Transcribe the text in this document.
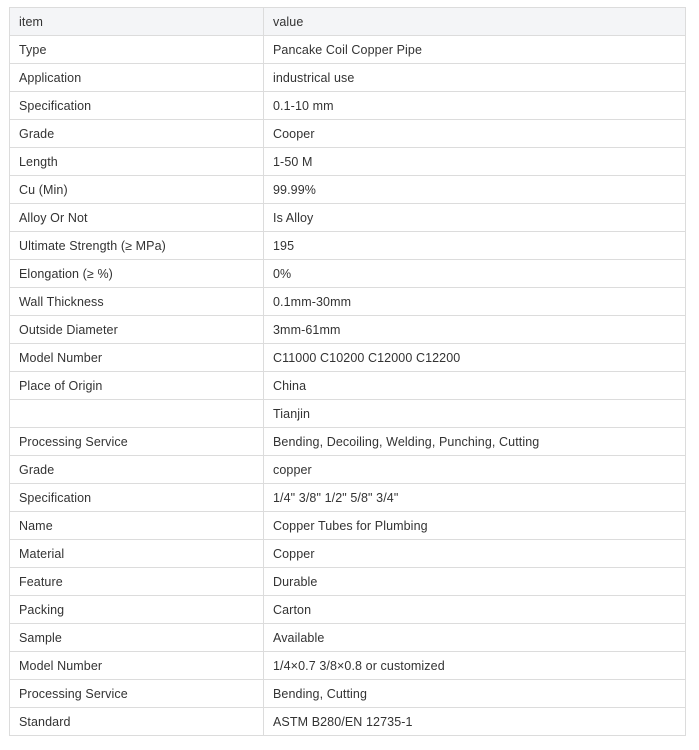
item	value
Type	Pancake Coil Copper Pipe
Application	industrical use
Specification	0.1-10 mm
Grade	Cooper
Length	1-50 M
Cu (Min)	99.99%
Alloy Or Not	Is Alloy
Ultimate Strength (≥ MPa)	195
Elongation (≥ %)	0%
Wall Thickness	0.1mm-30mm
Outside Diameter	3mm-61mm
Model Number	C11000 C10200 C12000 C12200
Place of Origin	China
	Tianjin
Processing Service	Bending, Decoiling, Welding, Punching, Cutting
Grade	copper
Specification	1/4" 3/8" 1/2" 5/8" 3/4"
Name	Copper Tubes for Plumbing
Material	Copper
Feature	Durable
Packing	Carton
Sample	Available
Model Number	1/4×0.7 3/8×0.8 or customized
Processing Service	Bending, Cutting
Standard	ASTM B280/EN 12735-1
